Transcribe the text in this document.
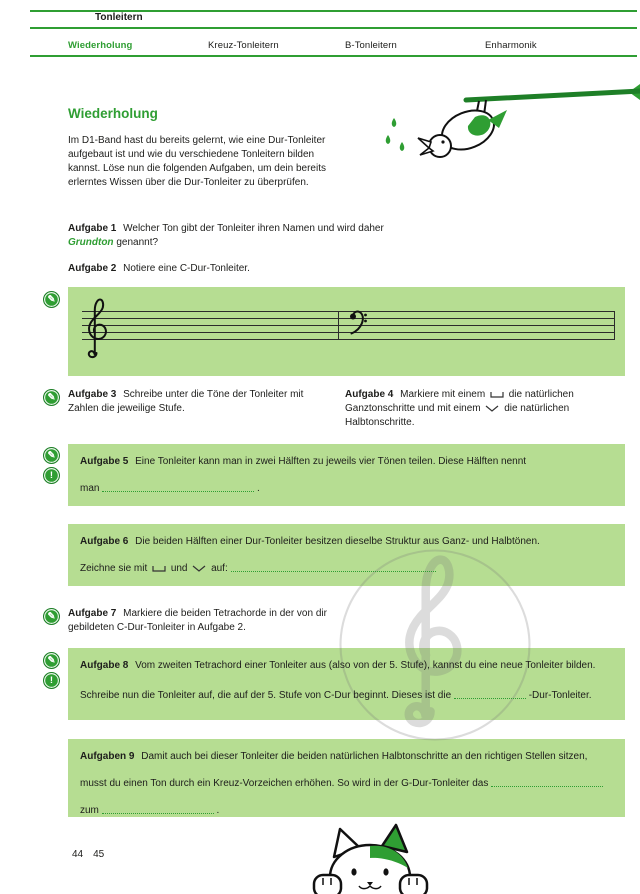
Tonleitern
Wiederholung	Kreuz-Tonleitern	B-Tonleitern	Enharmonik
Wiederholung
Im D1-Band hast du bereits gelernt, wie eine Dur-Tonleiter aufgebaut ist und wie du verschiedene Tonleitern bilden kannst. Löse nun die folgenden Aufgaben, um dein bereits erlerntes Wissen über die Dur-Tonleiter zu überprüfen.
Aufgabe 1 Welcher Ton gibt der Tonleiter ihren Namen und wird daher Grundton genannt?
Aufgabe 2 Notiere eine C-Dur-Tonleiter.
✎
✎ Aufgabe 3 Schreibe unter die Töne der Tonleiter mit Zahlen die jeweilige Stufe.
Aufgabe 4 Markiere mit einem die natürlichen Ganztonschritte und mit einem die natürlichen Halbtonschritte.
✎
!
Aufgabe 5 Eine Tonleiter kann man in zwei Hälften zu jeweils vier Tönen teilen. Diese Hälften nennt
man	.
Aufgabe 6 Die beiden Hälften einer Dur-Tonleiter besitzen dieselbe Struktur aus Ganz- und Halbtönen.
Zeichne sie mit und auf:
✎ Aufgabe 7 Markiere die beiden Tetrachorde in der von dir gebildeten C-Dur-Tonleiter in Aufgabe 2.
✎
!
Aufgabe 8 Vom zweiten Tetrachord einer Tonleiter aus (also von der 5. Stufe), kannst du eine neue Tonleiter bilden.
Schreibe nun die Tonleiter auf, die auf der 5. Stufe von C-Dur beginnt. Dieses ist die	-Dur-Tonleiter.
Aufgaben 9 Damit auch bei dieser Tonleiter die beiden natürlichen Halbtonschritte an den richtigen Stellen sitzen,
musst du einen Ton durch ein Kreuz-Vorzeichen erhöhen. So wird in der G-Dur-Tonleiter das
zum	.
44 45
